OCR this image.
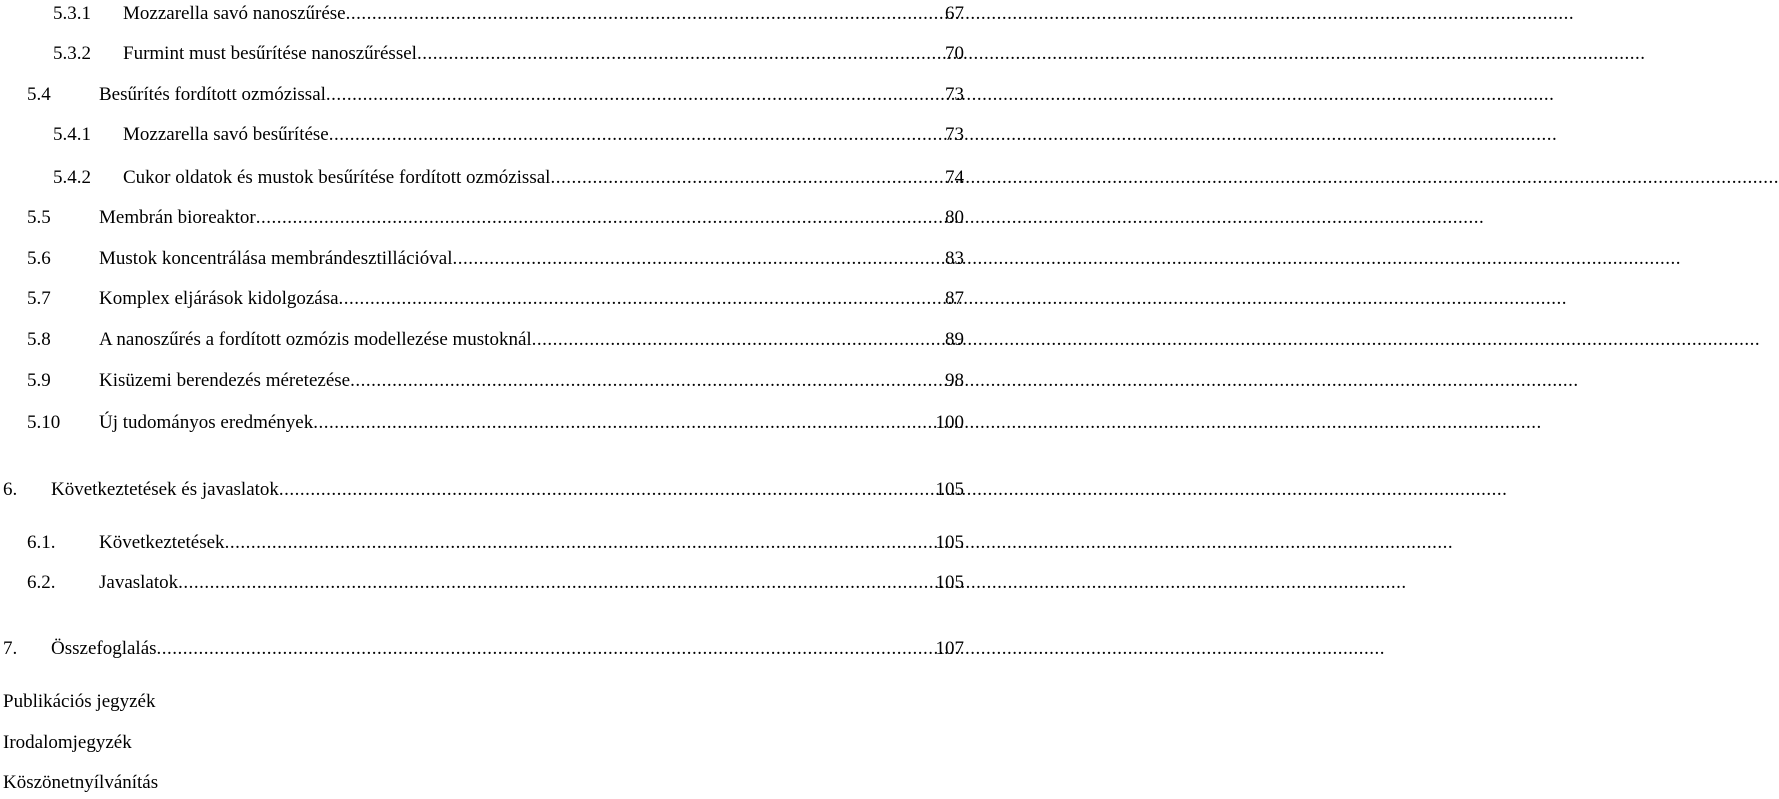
5.3.1 Mozzarella savó nanoszűrése .....	67
5.3.2 Furmint must besűrítése nanoszűréssel .....	70
5.4	Besűrítés fordított ozmózissal .....	73
5.4.1 Mozzarella savó besűrítése .....	73
5.4.2 Cukor oldatok és mustok besűrítése fordított ozmózissal .....	74
5.5	Membrán bioreaktor .....	80
5.6	Mustok koncentrálása membrándesztillációval .....	83
5.7	Komplex eljárások kidolgozása .....	87
5.8	A nanoszűrés a fordított ozmózis modellezése mustoknál .....	89
5.9	Kisüzemi berendezés méretezése .....	98
5.10 Új tudományos eredmények .....	100
6. Következtetések és javaslatok .....	105
6.1. Következtetések .....	105
6.2. Javaslatok .....	105
7. Összefoglalás .....	107
Publikációs jegyzék
Irodalomjegyzék
Köszönetnyílvánítás
